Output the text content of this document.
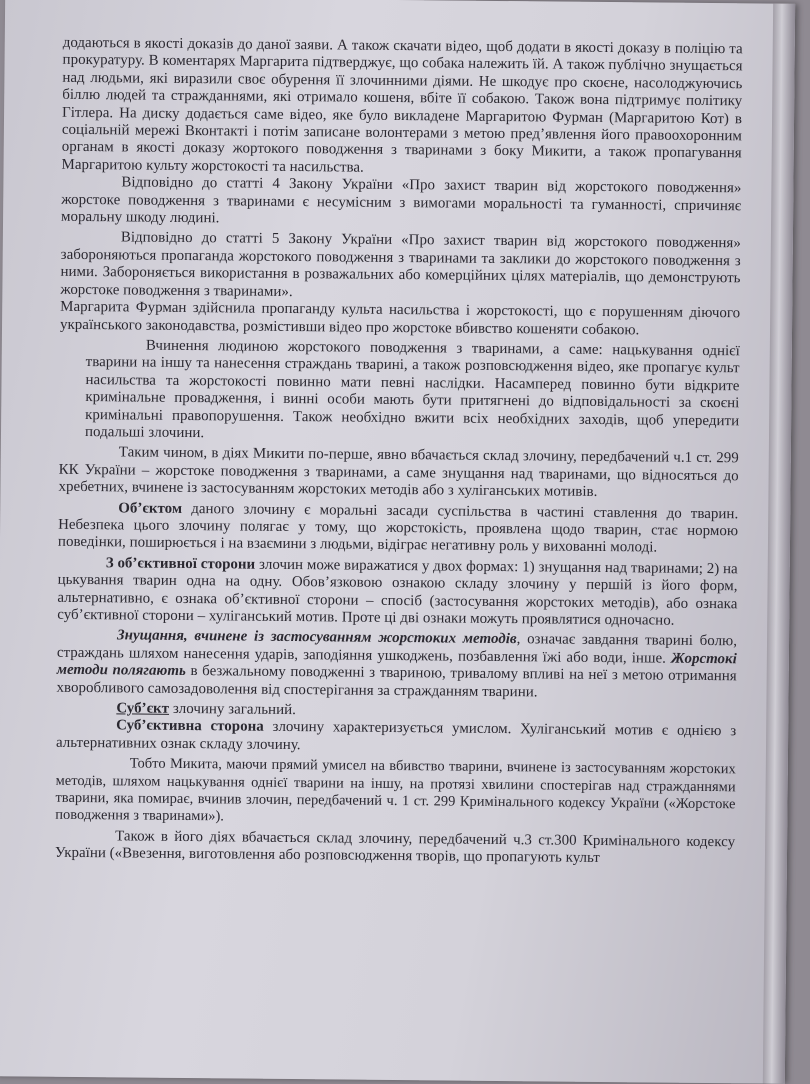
додаються в якості доказів до даної заяви. А також скачати відео, щоб додати в якості доказу в поліцію та прокуратуру. В коментарях Маргарита підтверджує, що собака належить їй. А також публічно знущається над людьми, які виразили своє обурення її злочинними діями. Не шкодує про скоєне, насолоджуючись біллю людей та стражданнями, які отримало кошеня, вбіте її собакою. Також вона підтримує політику Гітлера. На диску додається саме відео, яке було викладене Маргаритою Фурман (Маргаритою Кот) в соціальній мережі Вконтакті і потім записане волонтерами з метою пред’явлення його правоохоронним органам в якості доказу жортокого поводження з тваринами з боку Микити, а також пропагування Маргаритою культу жорстокості та насильства.

Відповідно до статті 4 Закону України «Про захист тварин від жорстокого поводження» жорстоке поводження з тваринами є несумісним з вимогами моральності та гуманності, спричиняє моральну шкоду людині.

Відповідно до статті 5 Закону України «Про захист тварин від жорстокого поводження» забороняються пропаганда жорстокого поводження з тваринами та заклики до жорстокого поводження з ними. Забороняється використання в розважальних або комерційних цілях матеріалів, що демонструють жорстоке поводження з тваринами».

Маргарита Фурман здійснила пропаганду культа насильства і жорстокості, що є порушенням діючого українського законодавства, розмістивши відео про жорстоке вбивство кошеняти собакою.

Вчинення людиною жорстокого поводження з тваринами, а саме: нацькування однієї тварини на іншу та нанесення страждань тварині, а також розповсюдження відео, яке пропагує культ насильства та жорстокості повинно мати певні наслідки. Насамперед повинно бути відкрите кримінальне провадження, і винні особи мають бути притягнені до відповідальності за скоєні кримінальні правопорушення. Також необхідно вжити всіх необхідних заходів, щоб упередити подальші злочини.

Таким чином, в діях Микити по-перше, явно вбачається склад злочину, передбачений ч.1 ст. 299 КК України – жорстоке поводження з тваринами, а саме знущання над тваринами, що відносяться до хребетних, вчинене із застосуванням жорстоких методів або з хуліганських мотивів.

Об’єктом даного злочину є моральні засади суспільства в частині ставлення до тварин. Небезпека цього злочину полягає у тому, що жорстокість, проявлена щодо тварин, стає нормою поведінки, поширюється і на взаємини з людьми, відіграє негативну роль у вихованні молоді.

З об’єктивної сторони злочин може виражатися у двох формах: 1) знущання над тваринами; 2) на цькування тварин одна на одну. Обов’язковою ознакою складу злочину у першій із його форм, альтернативно, є ознака об’єктивної сторони – спосіб (застосування жорстоких методів), або ознака суб’єктивної сторони – хуліганський мотив. Проте ці дві ознаки можуть проявлятися одночасно.

Знущання, вчинене із застосуванням жорстоких методів, означає завдання тварині болю, страждань шляхом нанесення ударів, заподіяння ушкоджень, позбавлення їжі або води, інше. Жорстокі методи полягають в безжальному поводженні з твариною, тривалому впливі на неї з метою отримання хворобливого самозадоволення від спостерігання за стражданням тварини.

Суб’єкт злочину загальний.

Суб’єктивна сторона злочину характеризується умислом. Хуліганський мотив є однією з альтернативних ознак складу злочину.

Тобто Микита, маючи прямий умисел на вбивство тварини, вчинене із застосуванням жорстоких методів, шляхом нацькування однієї тварини на іншу, на протязі хвилини спостерігав над стражданнями тварини, яка помирає, вчинив злочин, передбачений ч. 1 ст. 299 Кримінального кодексу України («Жорстоке поводження з тваринами»).

Також в його діях вбачається склад злочину, передбачений ч.3 ст.300 Кримінального кодексу України («Ввезення, виготовлення або розповсюдження творів, що пропагують культ
